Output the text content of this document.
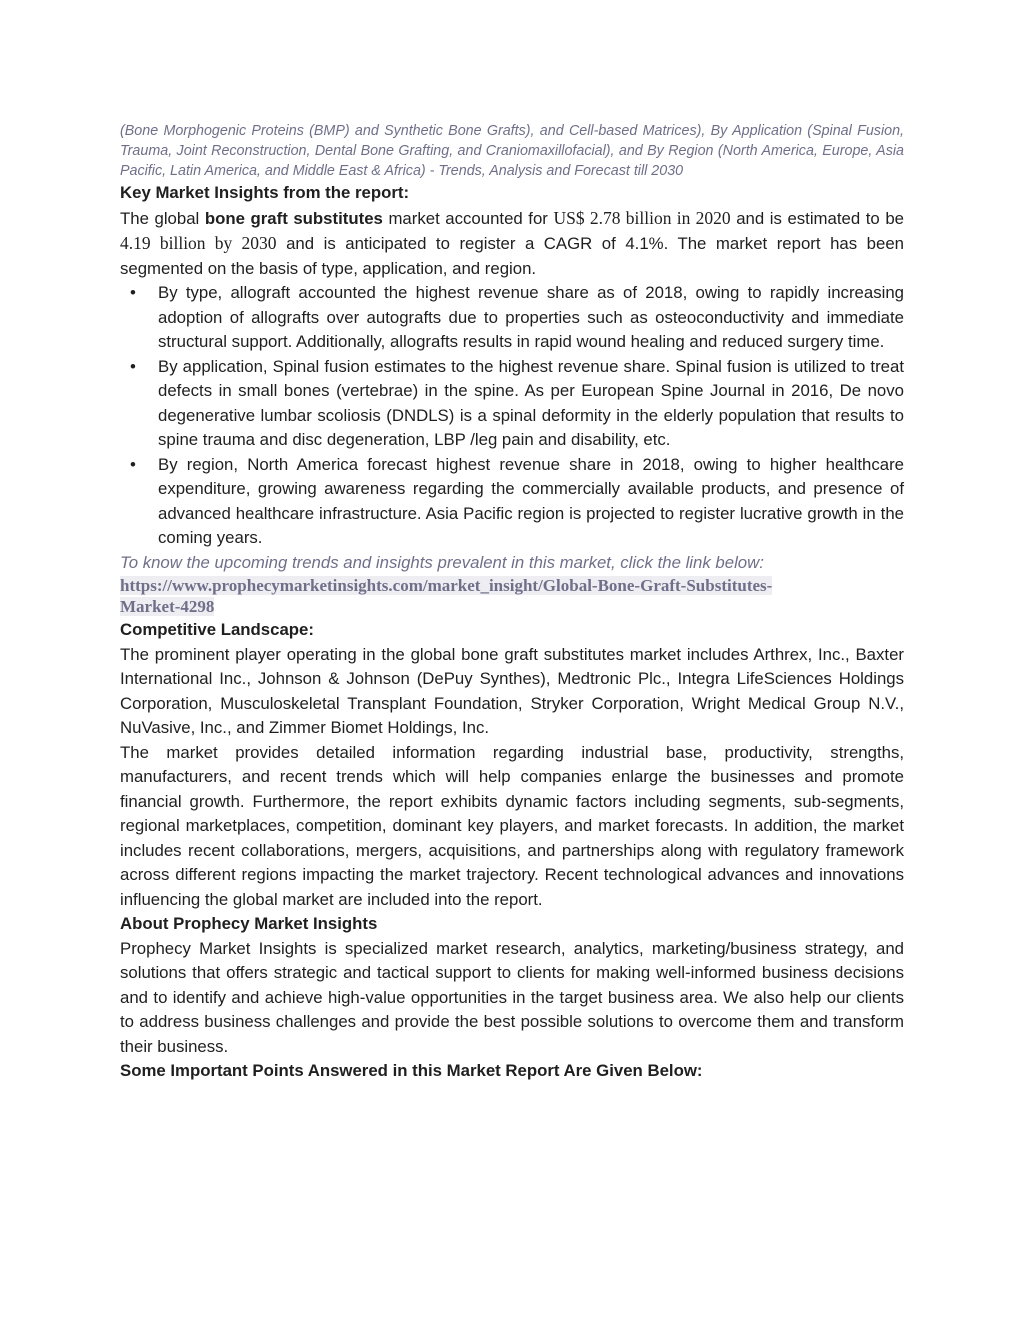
(Bone Morphogenic Proteins (BMP) and Synthetic Bone Grafts), and Cell-based Matrices), By Application (Spinal Fusion, Trauma, Joint Reconstruction, Dental Bone Grafting, and Craniomaxillofacial), and By Region (North America, Europe, Asia Pacific, Latin America, and Middle East & Africa) - Trends, Analysis and Forecast till 2030

Key Market Insights from the report:

The global bone graft substitutes market accounted for US$ 2.78 billion in 2020 and is estimated to be 4.19 billion by 2030 and is anticipated to register a CAGR of 4.1%. The market report has been segmented on the basis of type, application, and region.

• By type, allograft accounted the highest revenue share as of 2018, owing to rapidly increasing adoption of allografts over autografts due to properties such as osteoconductivity and immediate structural support. Additionally, allografts results in rapid wound healing and reduced surgery time.
• By application, Spinal fusion estimates to the highest revenue share. Spinal fusion is utilized to treat defects in small bones (vertebrae) in the spine. As per European Spine Journal in 2016, De novo degenerative lumbar scoliosis (DNDLS) is a spinal deformity in the elderly population that results to spine trauma and disc degeneration, LBP /leg pain and disability, etc.
• By region, North America forecast highest revenue share in 2018, owing to higher healthcare expenditure, growing awareness regarding the commercially available products, and presence of advanced healthcare infrastructure. Asia Pacific region is projected to register lucrative growth in the coming years.

To know the upcoming trends and insights prevalent in this market, click the link below:

https://www.prophecymarketinsights.com/market_insight/Global-Bone-Graft-Substitutes-
Market-4298

Competitive Landscape:

The prominent player operating in the global bone graft substitutes market includes Arthrex, Inc., Baxter International Inc., Johnson & Johnson (DePuy Synthes), Medtronic Plc., Integra LifeSciences Holdings Corporation, Musculoskeletal Transplant Foundation, Stryker Corporation, Wright Medical Group N.V., NuVasive, Inc., and Zimmer Biomet Holdings, Inc.

The market provides detailed information regarding industrial base, productivity, strengths, manufacturers, and recent trends which will help companies enlarge the businesses and promote financial growth. Furthermore, the report exhibits dynamic factors including segments, sub-segments, regional marketplaces, competition, dominant key players, and market forecasts. In addition, the market includes recent collaborations, mergers, acquisitions, and partnerships along with regulatory framework across different regions impacting the market trajectory. Recent technological advances and innovations influencing the global market are included into the report.

About Prophecy Market Insights

Prophecy Market Insights is specialized market research, analytics, marketing/business strategy, and solutions that offers strategic and tactical support to clients for making well-informed business decisions and to identify and achieve high-value opportunities in the target business area. We also help our clients to address business challenges and provide the best possible solutions to overcome them and transform their business.

Some Important Points Answered in this Market Report Are Given Below:
